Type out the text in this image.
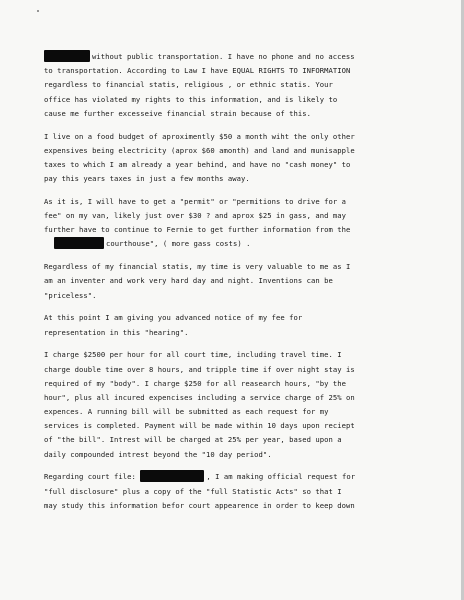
without public transportation. I have no phone and no access
to transportation. According to Law I have EQUAL RIGHTS TO INFORMATION
regardless to financial statis, religious , or ethnic statis. Your
office has violated my rights to this information, and is likely to
cause me further excesseive financial strain because of this.
I live on a food budget of aproximently $50 a month wiht the only other
expensives being electricity (aprox $60 amonth) and land and munisapple
taxes to which I am already a year behind, and have no "cash money" to
pay this years taxes in just a few months away.
As it is, I will have to get a "permit" or "permitions to drive for a
fee" on my van, likely just over $30 ? and aprox $25 in gass, and may
further have to continue to Fernie to get further information from the
courthouse", ( more gass costs) .
Regardless of my financial statis, my time is very valuable to me as I
am an inventer and work very hard day and night. Inventions can be
"priceless".
At this point I am giving you advanced notice of my fee for
representation in this "hearing".
I charge $2500 per hour for all court time, including travel time. I
charge double time over 8 hours, and tripple time if over night stay is
required of my "body". I charge $250 for all reasearch hours, "by the
hour", plus all incured expencises including a service charge of 25% on
expences. A running bill will be submitted as each request for my
services is completed. Payment will be made within 10 days upon reciept
of "the bill". Intrest will be charged at 25% per year, based upon a
daily compounded intrest beyond the "10 day period".
Regarding court file:	, I am making official request for
"full disclosure" plus a copy of the "full Statistic Acts" so that I
may study this information befor court appearence in order to keep down
